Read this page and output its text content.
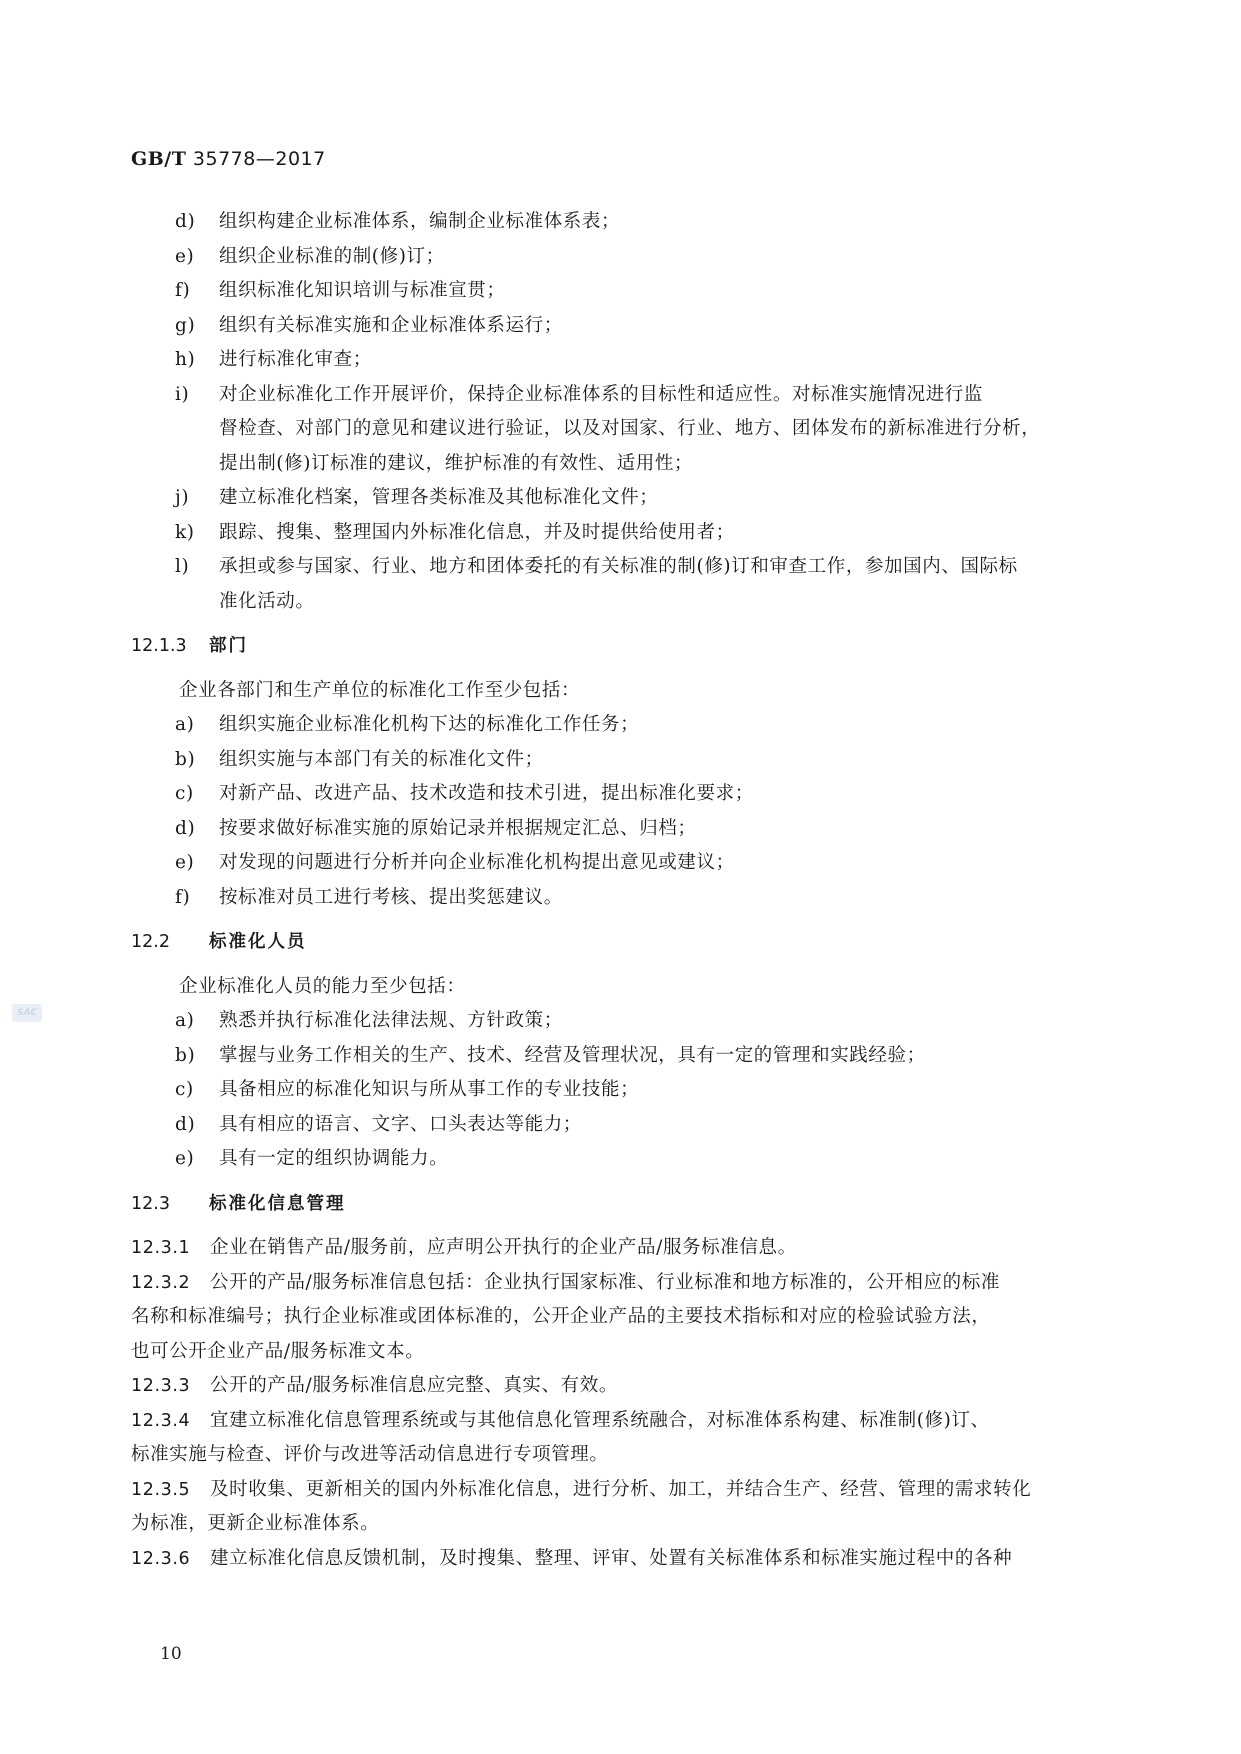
GB/T 35778—2017
SAC
d)	组织构建企业标准体系，编制企业标准体系表；
e)	组织企业标准的制(修)订；
f)	组织标准化知识培训与标准宣贯；
g)	组织有关标准实施和企业标准体系运行；
h)	进行标准化审查；
i)	对企业标准化工作开展评价，保持企业标准体系的目标性和适应性。对标准实施情况进行监
督检查、对部门的意见和建议进行验证，以及对国家、行业、地方、团体发布的新标准进行分析，
提出制(修)订标准的建议，维护标准的有效性、适用性；
j)	建立标准化档案，管理各类标准及其他标准化文件；
k)	跟踪、搜集、整理国内外标准化信息，并及时提供给使用者；
l)	承担或参与国家、行业、地方和团体委托的有关标准的制(修)订和审查工作，参加国内、国际标
准化活动。
12.1.3 部门
企业各部门和生产单位的标准化工作至少包括：
a)	组织实施企业标准化机构下达的标准化工作任务；
b)	组织实施与本部门有关的标准化文件；
c)	对新产品、改进产品、技术改造和技术引进，提出标准化要求；
d)	按要求做好标准实施的原始记录并根据规定汇总、归档；
e)	对发现的问题进行分析并向企业标准化机构提出意见或建议；
f)	按标准对员工进行考核、提出奖惩建议。
12.2 标准化人员
企业标准化人员的能力至少包括：
a)	熟悉并执行标准化法律法规、方针政策；
b)	掌握与业务工作相关的生产、技术、经营及管理状况，具有一定的管理和实践经验；
c)	具备相应的标准化知识与所从事工作的专业技能；
d)	具有相应的语言、文字、口头表达等能力；
e)	具有一定的组织协调能力。
12.3 标准化信息管理
12.3.1	企业在销售产品/服务前，应声明公开执行的企业产品/服务标准信息。
12.3.2	公开的产品/服务标准信息包括：企业执行国家标准、行业标准和地方标准的，公开相应的标准
名称和标准编号；执行企业标准或团体标准的，公开企业产品的主要技术指标和对应的检验试验方法，
也可公开企业产品/服务标准文本。
12.3.3	公开的产品/服务标准信息应完整、真实、有效。
12.3.4	宜建立标准化信息管理系统或与其他信息化管理系统融合，对标准体系构建、标准制(修)订、
标准实施与检查、评价与改进等活动信息进行专项管理。
12.3.5	及时收集、更新相关的国内外标准化信息，进行分析、加工，并结合生产、经营、管理的需求转化
为标准，更新企业标准体系。
12.3.6	建立标准化信息反馈机制，及时搜集、整理、评审、处置有关标准体系和标准实施过程中的各种
10
